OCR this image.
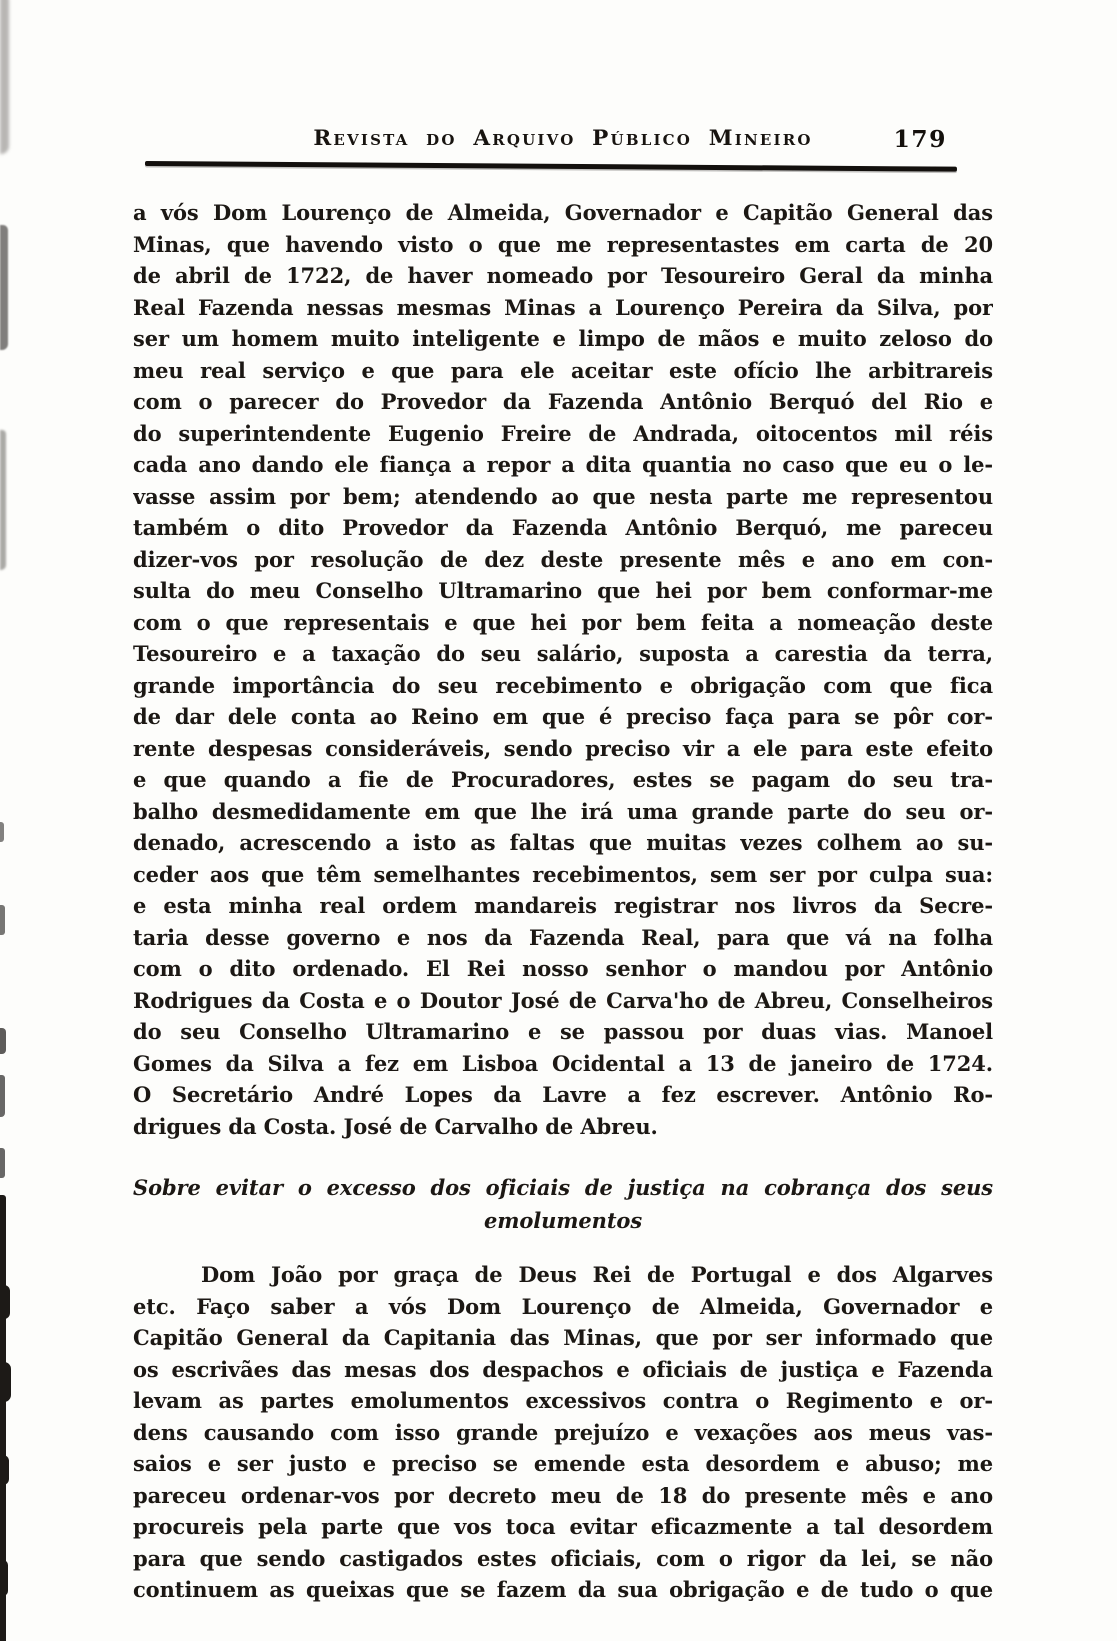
Revista do Arquivo Público Mineiro	179
a vós Dom Lourenço de Almeida, Governador e Capitão General das
Minas, que havendo visto o que me representastes em carta de 20
de abril de 1722, de haver nomeado por Tesoureiro Geral da minha
Real Fazenda nessas mesmas Minas a Lourenço Pereira da Silva, por
ser um homem muito inteligente e limpo de mãos e muito zeloso do
meu real serviço e que para ele aceitar este ofício lhe arbitrareis
com o parecer do Provedor da Fazenda Antônio Berquó del Rio e
do superintendente Eugenio Freire de Andrada, oitocentos mil réis
cada ano dando ele fiança a repor a dita quantia no caso que eu o le-
vasse assim por bem; atendendo ao que nesta parte me representou
também o dito Provedor da Fazenda Antônio Berquó, me pareceu
dizer-vos por resolução de dez deste presente mês e ano em con-
sulta do meu Conselho Ultramarino que hei por bem conformar-me
com o que representais e que hei por bem feita a nomeação deste
Tesoureiro e a taxação do seu salário, suposta a carestia da terra,
grande importância do seu recebimento e obrigação com que fica
de dar dele conta ao Reino em que é preciso faça para se pôr cor-
rente despesas consideráveis, sendo preciso vir a ele para este efeito
e que quando a fie de Procuradores, estes se pagam do seu tra-
balho desmedidamente em que lhe irá uma grande parte do seu or-
denado, acrescendo a isto as faltas que muitas vezes colhem ao su-
ceder aos que têm semelhantes recebimentos, sem ser por culpa sua:
e esta minha real ordem mandareis registrar nos livros da Secre-
taria desse governo e nos da Fazenda Real, para que vá na folha
com o dito ordenado. El Rei nosso senhor o mandou por Antônio
Rodrigues da Costa e o Doutor José de Carva'ho de Abreu, Conselheiros
do seu Conselho Ultramarino e se passou por duas vias. Manoel
Gomes da Silva a fez em Lisboa Ocidental a 13 de janeiro de 1724.
O Secretário André Lopes da Lavre a fez escrever. Antônio Ro-
drigues da Costa. José de Carvalho de Abreu.
Sobre evitar o excesso dos oficiais de justiça na cobrança dos seus
emolumentos
Dom João por graça de Deus Rei de Portugal e dos Algarves
etc. Faço saber a vós Dom Lourenço de Almeida, Governador e
Capitão General da Capitania das Minas, que por ser informado que
os escrivães das mesas dos despachos e oficiais de justiça e Fazenda
levam as partes emolumentos excessivos contra o Regimento e or-
dens causando com isso grande prejuízo e vexações aos meus vas-
saios e ser justo e preciso se emende esta desordem e abuso; me
pareceu ordenar-vos por decreto meu de 18 do presente mês e ano
procureis pela parte que vos toca evitar eficazmente a tal desordem
para que sendo castigados estes oficiais, com o rigor da lei, se não
continuem as queixas que se fazem da sua obrigação e de tudo o que
